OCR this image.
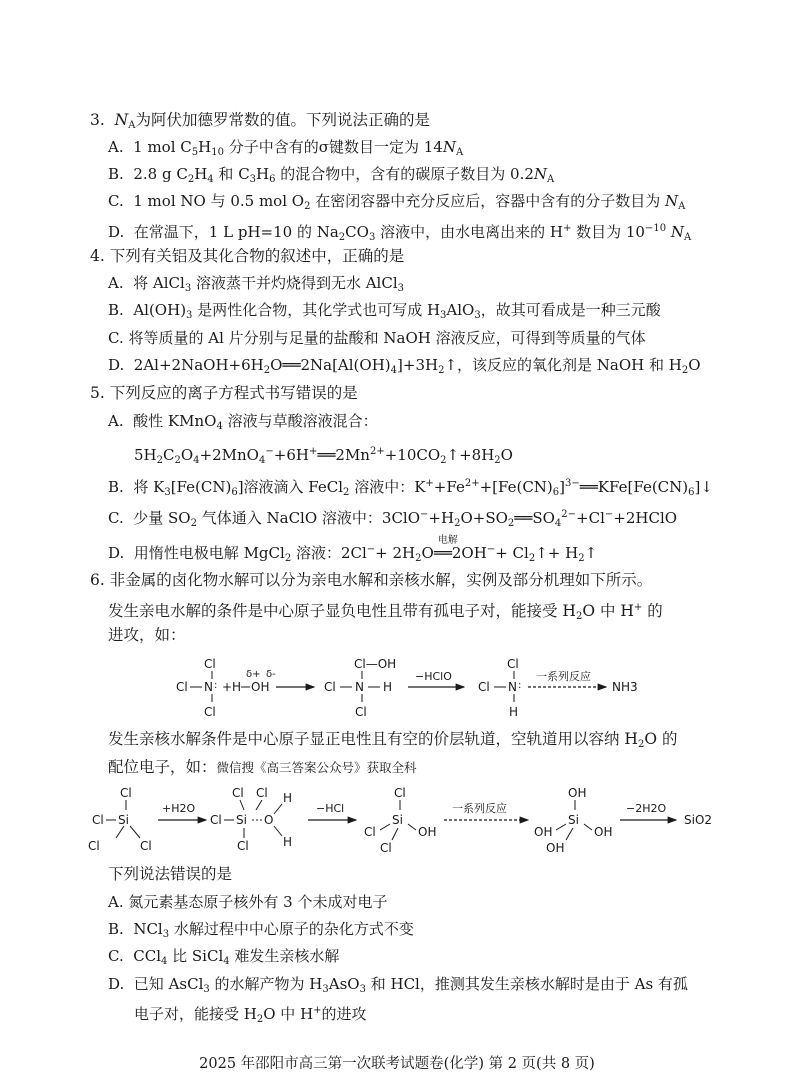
3.  $N_A$为阿伏加德罗常数的值。下列说法正确的是
A.  1 mol $C_5H_{10}$ 分子中含有的σ键数目一定为 $14N_A$
B.  2.8 g $C_2H_4$ 和 $C_3H_6$ 的混合物中，含有的碳原子数目为 $0.2N_A$
C.  1 mol NO 与 0.5 mol $O_2$ 在密闭容器中充分反应后，容器中含有的分子数目为 $N_A$
D.  在常温下，1 L pH=10 的 $Na_2CO_3$ 溶液中，由水电离出来的 H+ 数目为 $10^{-10}$ $N_A$
4. 下列有关铝及其化合物的叙述中，正确的是
A.  将 AlCl$_3$ 溶液蒸干并灼烧得到无水 AlCl$_3$
B.  $Al(OH)_3$ 是两性化合物，其化学式也可写成 $H_3AlO_3$，故其可看成是一种三元酸
C. 将等质量的 Al 片分别与足量的盐酸和 NaOH 溶液反应，可得到等质量的气体
D.  $2Al+2NaOH+6H_2O══2Na[Al(OH)_4]+3H_2↑$，该反应的氧化剂是 NaOH 和 $H_2O$
5. 下列反应的离子方程式书写错误的是
A.  酸性 KMnO$_4$ 溶液与草酸溶液混合：
$5H_2C_2O_4+2MnO_4^-+6H^+══2Mn^{2+}+10CO_2↑+8H_2O$
B.  将 $K_3[Fe(CN)_6]$溶液滴入 FeCl$_2$ 溶液中：$K^++Fe^{2+}+[Fe(CN)_6]^{3-}══KFe[Fe(CN)_6]↓$
C.  少量 $SO_2$ 气体通入 NaClO 溶液中：$3ClO^-+H_2O+SO_2══SO_4^{2-}+Cl^-+2HClO$
D.  用惰性电极电解 MgCl$_2$ 溶液：$2Cl^-+ 2H_2O$
电解
══2OH−+ $Cl_2↑+$ $H_2↑$
6. 非金属的卤化物水解可以分为亲电水解和亲核水解，实例及部分机理如下所示。
发生亲电水解的条件是中心原子显负电性且带有孤电子对，能接受 $H_2O$ 中 H+ 的
进攻，如：
Cl
Cl N :
Cl
δ+ δ-
+H OH
Cl—OH
Cl N H
Cl
−HClO
Cl
Cl N :
H
一系列反应
NH3
发生亲核水解条件是中心原子显正电性且有空的价层轨道，空轨道用以容纳 $H_2O$ 的
配位电子，如：微信搜《高三答案公众号》获取全科
Cl
Cl Si
Cl	Cl
+H2O
Cl Cl
Cl Si O
H
H
Cl
−HCl
Cl
Si
Cl	OH
Cl
一系列反应
OH
Si
OH	OH
OH
−2H2O
SiO2
下列说法错误的是
A. 氮元素基态原子核外有 3 个未成对电子
B.  NCl$_3$ 水解过程中中心原子的杂化方式不变
C.  CCl$_4$ 比 SiCl$_4$ 难发生亲核水解
D.  已知 AsCl$_3$ 的水解产物为 $H_3AsO_3$ 和 HCl，推测其发生亲核水解时是由于 As 有孤
电子对，能接受 $H_2O$ 中 H+的进攻
2025 年邵阳市高三第一次联考试题卷(化学) 第 2 页(共 8 页)
